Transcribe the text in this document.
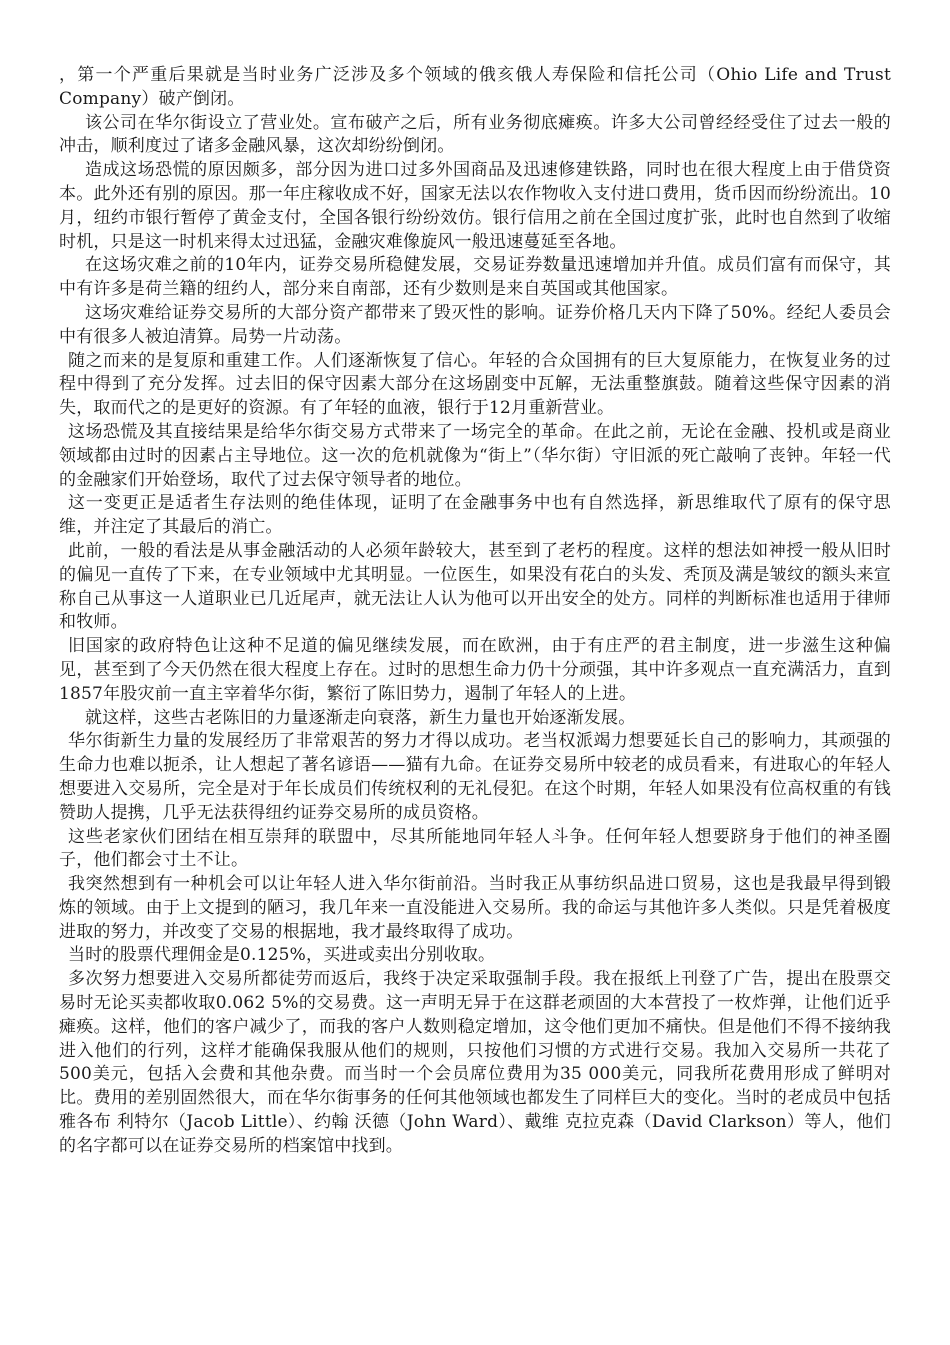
，第一个严重后果就是当时业务广泛涉及多个领域的俄亥俄人寿保险和信托公司（Ohio Life and Trust Company）破产倒闭。

该公司在华尔街设立了营业处。宣布破产之后，所有业务彻底瘫痪。许多大公司曾经经受住了过去一般的冲击，顺利度过了诸多金融风暴，这次却纷纷倒闭。

造成这场恐慌的原因颇多，部分因为进口过多外国商品及迅速修建铁路，同时也在很大程度上由于借贷资本。此外还有别的原因。那一年庄稼收成不好，国家无法以农作物收入支付进口费用，货币因而纷纷流出。10月，纽约市银行暂停了黄金支付，全国各银行纷纷效仿。银行信用之前在全国过度扩张，此时也自然到了收缩时机，只是这一时机来得太过迅猛，金融灾难像旋风一般迅速蔓延至各地。

在这场灾难之前的10年内，证券交易所稳健发展，交易证券数量迅速增加并升值。成员们富有而保守，其中有许多是荷兰籍的纽约人，部分来自南部，还有少数则是来自英国或其他国家。

这场灾难给证券交易所的大部分资产都带来了毁灭性的影响。证券价格几天内下降了50%。经纪人委员会中有很多人被迫清算。局势一片动荡。

随之而来的是复原和重建工作。人们逐渐恢复了信心。年轻的合众国拥有的巨大复原能力，在恢复业务的过程中得到了充分发挥。过去旧的保守因素大部分在这场剧变中瓦解，无法重整旗鼓。随着这些保守因素的消失，取而代之的是更好的资源。有了年轻的血液，银行于12月重新营业。

这场恐慌及其直接结果是给华尔街交易方式带来了一场完全的革命。在此之前，无论在金融、投机或是商业领域都由过时的因素占主导地位。这一次的危机就像为“街上”（华尔街）守旧派的死亡敲响了丧钟。年轻一代的金融家们开始登场，取代了过去保守领导者的地位。

这一变更正是适者生存法则的绝佳体现，证明了在金融事务中也有自然选择，新思维取代了原有的保守思维，并注定了其最后的消亡。

此前，一般的看法是从事金融活动的人必须年龄较大，甚至到了老朽的程度。这样的想法如神授一般从旧时的偏见一直传了下来，在专业领域中尤其明显。一位医生，如果没有花白的头发、秃顶及满是皱纹的额头来宣称自己从事这一人道职业已几近尾声，就无法让人认为他可以开出安全的处方。同样的判断标准也适用于律师和牧师。

旧国家的政府特色让这种不足道的偏见继续发展，而在欧洲，由于有庄严的君主制度，进一步滋生这种偏见，甚至到了今天仍然在很大程度上存在。过时的思想生命力仍十分顽强，其中许多观点一直充满活力，直到1857年股灾前一直主宰着华尔街，繁衍了陈旧势力，遏制了年轻人的上进。

就这样，这些古老陈旧的力量逐渐走向衰落，新生力量也开始逐渐发展。

华尔街新生力量的发展经历了非常艰苦的努力才得以成功。老当权派竭力想要延长自己的影响力，其顽强的生命力也难以扼杀，让人想起了著名谚语——猫有九命。在证券交易所中较老的成员看来，有进取心的年轻人想要进入交易所，完全是对于年长成员们传统权利的无礼侵犯。在这个时期，年轻人如果没有位高权重的有钱赞助人提携，几乎无法获得纽约证券交易所的成员资格。

这些老家伙们团结在相互崇拜的联盟中，尽其所能地同年轻人斗争。任何年轻人想要跻身于他们的神圣圈子，他们都会寸土不让。

我突然想到有一种机会可以让年轻人进入华尔街前沿。当时我正从事纺织品进口贸易，这也是我最早得到锻炼的领域。由于上文提到的陋习，我几年来一直没能进入交易所。我的命运与其他许多人类似。只是凭着极度进取的努力，并改变了交易的根据地，我才最终取得了成功。

当时的股票代理佣金是0.125%，买进或卖出分别收取。

多次努力想要进入交易所都徒劳而返后，我终于决定采取强制手段。我在报纸上刊登了广告，提出在股票交易时无论买卖都收取0.062 5%的交易费。这一声明无异于在这群老顽固的大本营投了一枚炸弹，让他们近乎瘫痪。这样，他们的客户减少了，而我的客户人数则稳定增加，这令他们更加不痛快。但是他们不得不接纳我进入他们的行列，这样才能确保我服从他们的规则，只按他们习惯的方式进行交易。我加入交易所一共花了500美元，包括入会费和其他杂费。而当时一个会员席位费用为35 000美元，同我所花费用形成了鲜明对比。费用的差别固然很大，而在华尔街事务的任何其他领域也都发生了同样巨大的变化。当时的老成员中包括雅各布 利特尔（Jacob Little）、约翰 沃德（John Ward）、戴维 克拉克森（David Clarkson）等人，他们的名字都可以在证券交易所的档案馆中找到。
